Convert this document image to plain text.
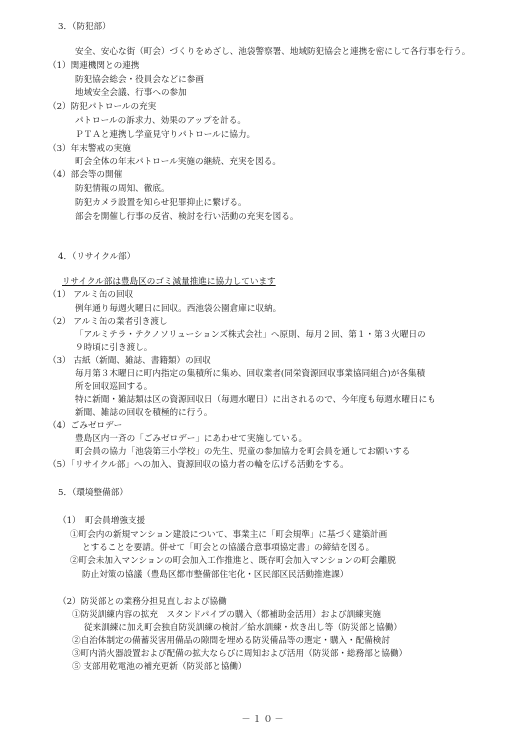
3．（防犯部）
安全、安心な街（町会）づくりをめざし、池袋警察署、地域防犯協会と連携を密にして各行事を行う。
（1）関連機関との連携
防犯協会総会・役員会などに参画
地域安全会議、行事への参加
（2）防犯パトロールの充実
パトロールの訴求力、効果のアップを計る。
ＰＴＡと連携し学童見守りパトロールに協力。
（3）年末警戒の実施
町会全体の年末パトロール実施の継続、充実を図る。
（4）部会等の開催
防犯情報の周知、徹底。
防犯カメラ設置を知らせ犯罪抑止に繋げる。
部会を開催し行事の反省、検討を行い活動の充実を図る。
4．（リサイクル部）
リサイクル部は豊島区のゴミ減量推進に協力しています
（1） アルミ缶の回収
例年通り毎週火曜日に回収。西池袋公園倉庫に収納。
（2） アルミ缶の業者引き渡し
「アルミテラ・テクノソリューションズ株式会社」へ原則、毎月２回、第１・第３火曜日の
９時頃に引き渡し。
（3） 古紙（新聞、雑誌、書籍類）の回収
毎月第３木曜日に町内指定の集積所に集め、回収業者(同栄資源回収事業協同組合)が各集積
所を回収巡回する。
特に新聞・雑誌類は区の資源回収日（毎週水曜日）に出されるので、今年度も毎週水曜日にも
新聞、雑誌の回収を積極的に行う。
（4）ごみゼロデー
豊島区内一斉の「ごみゼロデー」にあわせて実施している。
町会員の協力「池袋第三小学校」の先生、児童の参加協力を町会員を通してお願いする
（5）「リサイクル部」への加入、資源回収の協力者の輪を広げる活動をする。
5．（環境整備部）
（1）　町会員増強支援
①町会内の新規マンション建設について、事業主に「町会規準」に基づく建築計画
とすることを要請。併せて「町会との協議合意事項協定書」の締結を図る。
②町会未加入マンションの町会加入工作推進と、既存町会加入マンションの町会離脱
防止対策の協議（豊島区都市整備部住宅化・区民部区民活動推進課）
（2）防災部との業務分担見直しおよび協働
①防災訓練内容の拡充　スタンドパイプの購入（都補助金活用）および訓練実施
従来訓練に加え町会独自防災訓練の検討／給水訓練・炊き出し等（防災部と協働）
②自治体制定の備蓄災害用備品の隙間を埋める防災備品等の選定・購入・配備検討
③町内消火器設置および配備の拡大ならびに周知および活用（防災部・総務部と協働）
⑤ 支部用乾電池の補充更新（防災部と協働）
－１０－
